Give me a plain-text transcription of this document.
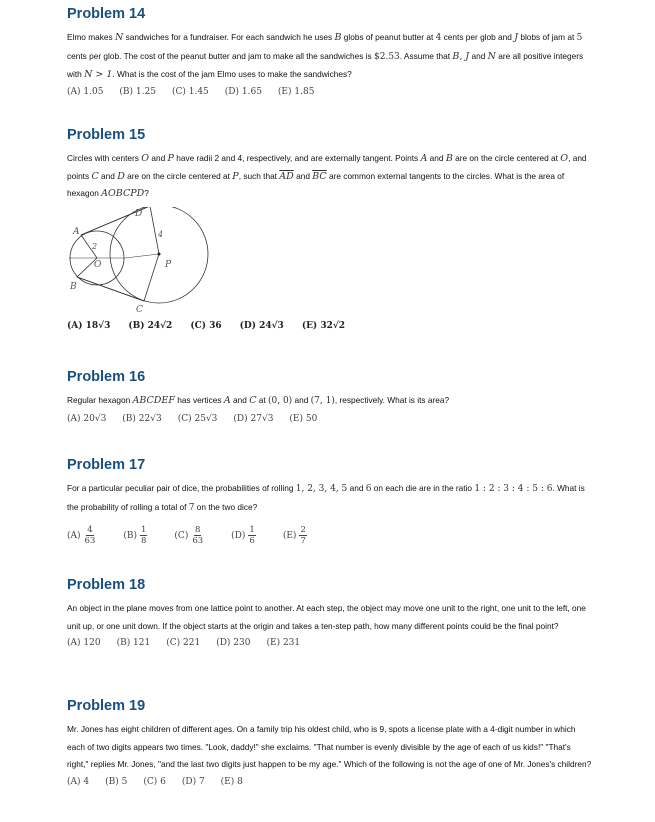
Problem 14

Elmo makes N sandwiches for a fundraiser. For each sandwich he uses B globs of peanut butter at 4 cents per glob and J blobs of jam at 5 cents per glob. The cost of the peanut butter and jam to make all the sandwiches is $2.53. Assume that B, J and N are all positive integers with N > 1. What is the cost of the jam Elmo uses to make the sandwiches?

(A) 1.05 (B) 1.25 (C) 1.45 (D) 1.65 (E) 1.85
Problem 15

Circles with centers O and P have radii 2 and 4, respectively, and are externally tangent. Points A and B are on the circle centered at O, and points C and D are on the circle centered at P, such that $\overline{AD}$ and $\overline{BC}$ are common external tangents to the circles. What is the area of hexagon AOBCPD?

A
B
C
D
O	P
2
4
(A) 18√3 (B) 24√2 (C) 36 (D) 24√3 (E) 32√2
Problem 16

Regular hexagon ABCDEF has vertices A and C at (0, 0) and (7, 1), respectively. What is its area?

(A) 20√3 (B) 22√3 (C) 25√3 (D) 27√3 (E) 50
Problem 17

For a particular peculiar pair of dice, the probabilities of rolling 1, 2, 3, 4, 5 and 6 on each die are in the ratio 1 : 2 : 3 : 4 : 5 : 6. What is the probability of rolling a total of 7 on the two dice?

$(A) \frac{4}{63}$	$(B) \frac{1}{8}$	$(C) \frac{8}{63}$	$(D) \frac{1}{6}$	$(E) \frac{2}{7}$
Problem 18

An object in the plane moves from one lattice point to another. At each step, the object may move one unit to the right, one unit to the left, one unit up, or one unit down. If the object starts at the origin and takes a ten-step path, how many different points could be the final point?

(A) 120 (B) 121 (C) 221 (D) 230 (E) 231
Problem 19

Mr. Jones has eight children of different ages. On a family trip his oldest child, who is 9, spots a license plate with a 4-digit number in which each of two digits appears two times. "Look, daddy!" she exclaims. "That number is evenly divisible by the age of each of us kids!" "That's right," replies Mr. Jones, "and the last two digits just happen to be my age." Which of the following is not the age of one of Mr. Jones's children?

(A) 4 (B) 5 (C) 6 (D) 7 (E) 8
